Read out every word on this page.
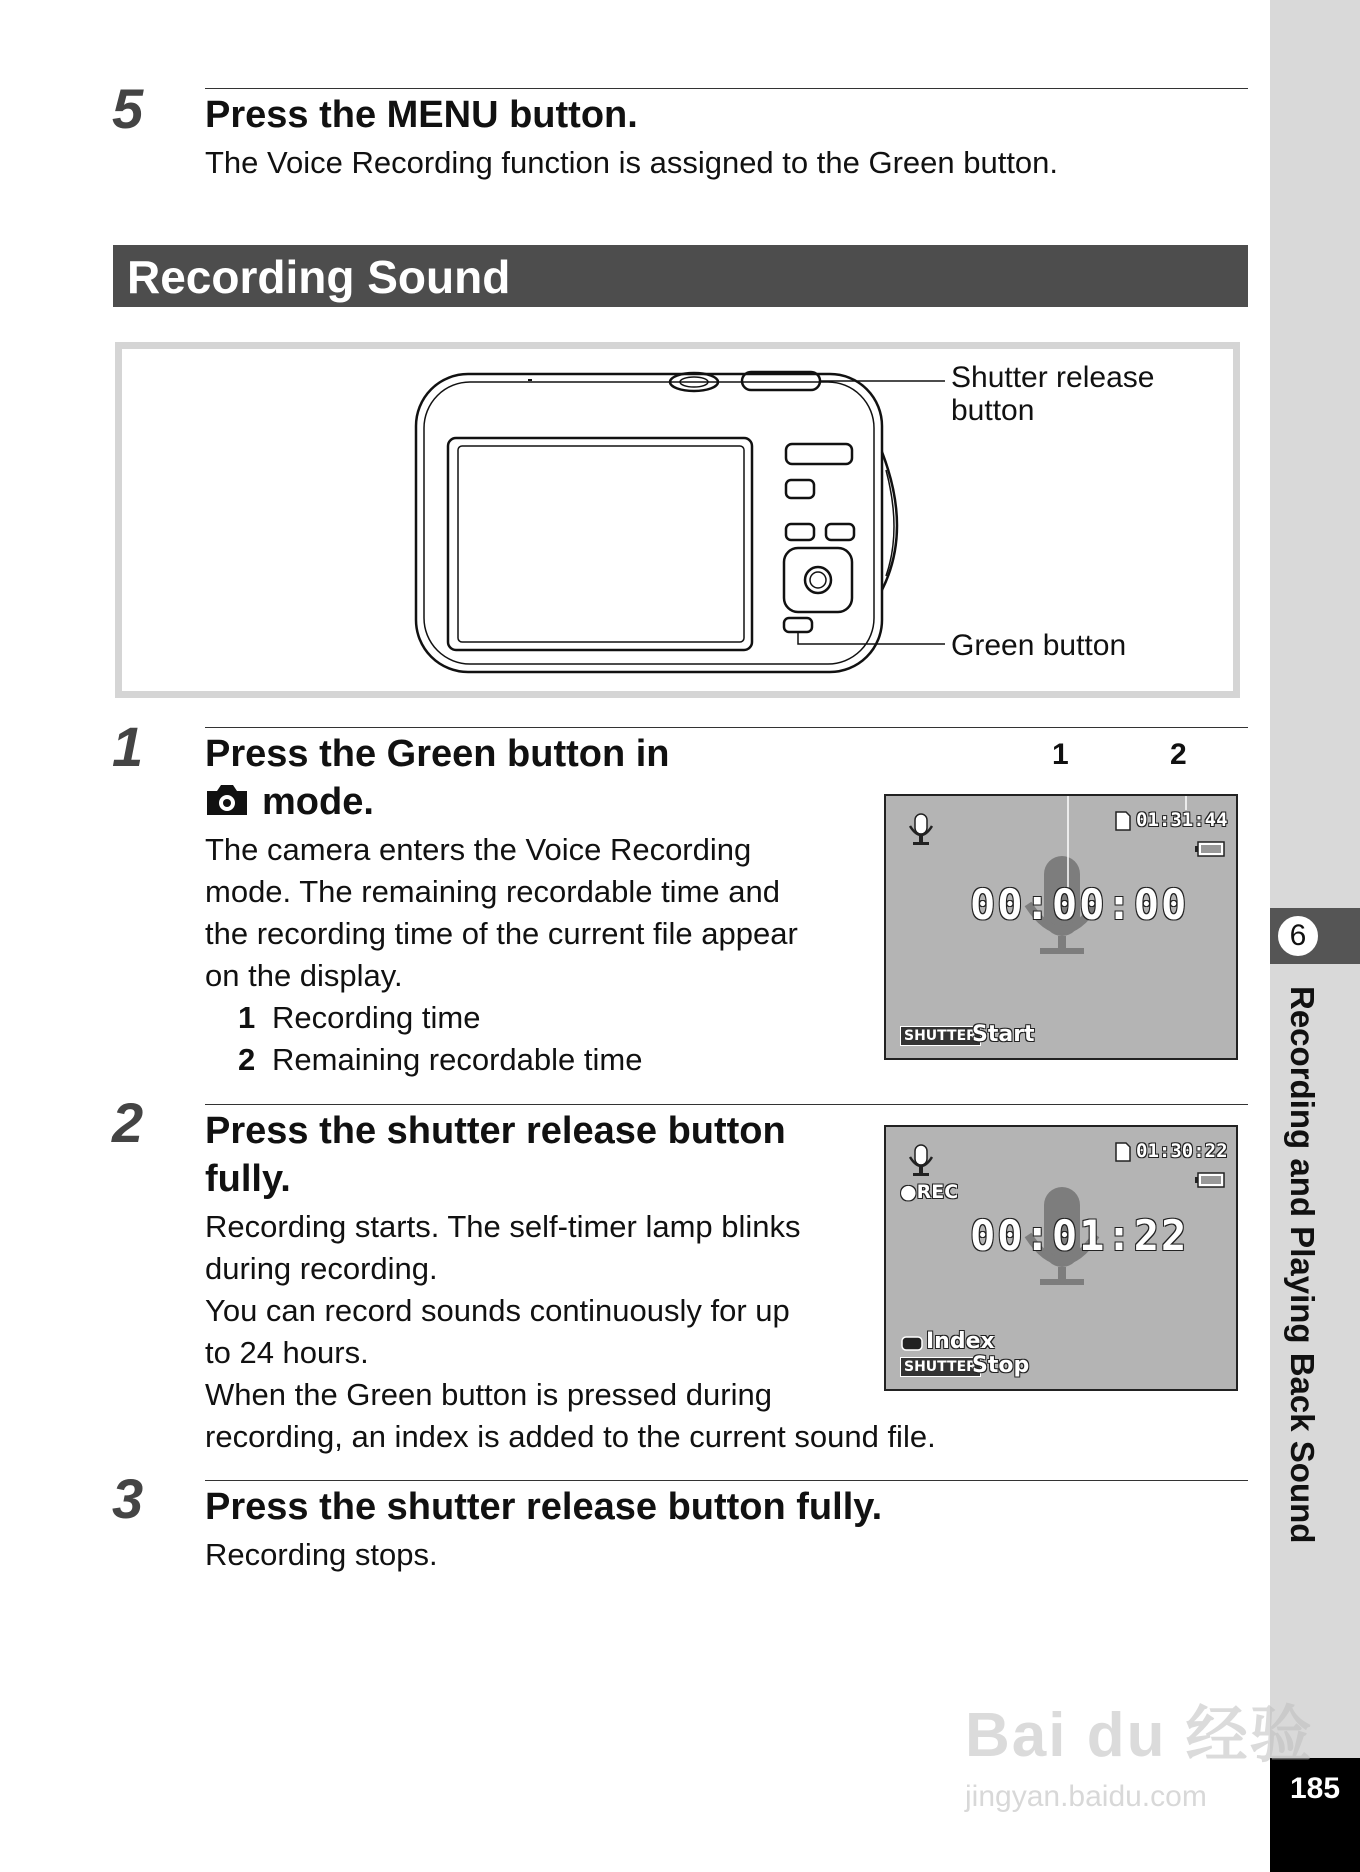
6
Recording and Playing Back Sound
185
5 Press the MENU button.
The Voice Recording function is assigned to the Green button.
Recording Sound
Shutter release
button
Green button
1 Press the Green button in
mode.
The camera enters the Voice Recording
mode. The remaining recordable time and
the recording time of the current file appear
on the display.
1 Recording time
2 Remaining recordable time
1	2
01:31:44
00:00:00
SHUTTER
Start
2 Press the shutter release button
fully.
Recording starts. The self-timer lamp blinks
during recording.
You can record sounds continuously for up
to 24 hours.
When the Green button is pressed during
recording, an index is added to the current sound file.
01:30:22
●REC
00:01:22
Index
SHUTTER
Stop
3 Press the shutter release button fully.
Recording stops.
Bai du 经验
jingyan.baidu.com
